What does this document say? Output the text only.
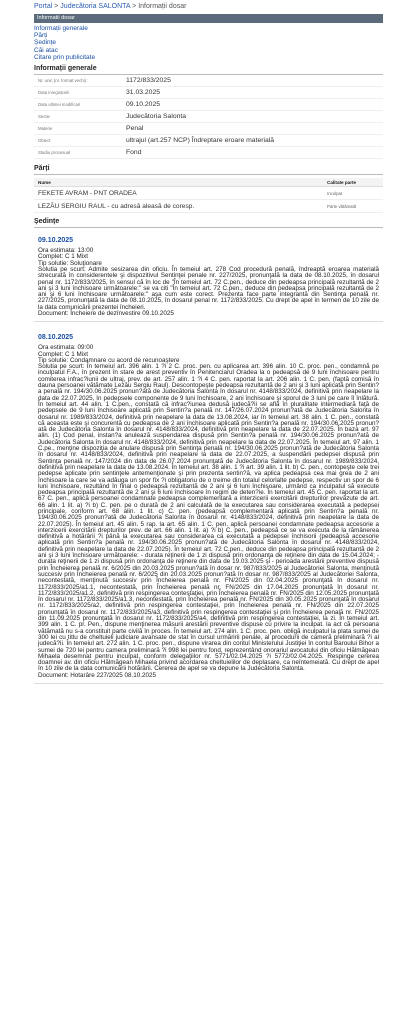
Portal > Judecătoria SALONTA > Informații dosar
Informatii dosar
Informații generale
Părți
Ședințe
Căi atac
Citare prin publicitate
Informații generale
Nr. unic (nr. format vechi) :	1172/833/2025
Data inregistrarii	31.03.2025
Data ultimei modificari	09.10.2025
Sectie	Judecătoria Salonta
Materie	Penal
Obiect	ultrajul (art.257 NCP) Îndreptare eroare materială
Stadiu procesual	Fond
Părți
Nume	Calitate parte
FEKETE AVRAM - PNT ORADEA	Inculpat
LEZĂU SERGIU RAUL - cu adresă aleasă de coresp.	Parte vătămată
Ședințe
09.10.2025
Ora estimata: 13:00
Complet: C 1 Mixt
Tip solutie: Soluţionare
Solutia pe scurt: Admite sesizarea din oficiu. În temeiul art. 278 Cod procedură penală, îndreaptă eroarea materială strecurată în considerentele şi dispozitivul Sentinţei penale nr. 227/2025, pronunţată la data de 08.10.2025, în dosarul penal nr. 1172/833/2025, în sensul că în loc de "În temeiul art. 72 C.pen., deduce din pedeapsa principală rezultantă de 2 ani şi 3 luni închisoare următoarele:" se va citi "În temeiul art. 72 C.pen., deduce din pedeapsa principală rezultantă de 2 ani şi 6 luni închisoare următoarele:" aşa cum este corect. Prezenta face parte integrantă din Sentinţa penală nr. 227/2025, pronunţată la data de 08.10.2025, în dosarul penal nr. 1172/833/2025. Cu drept de apel în termen de 10 zile de la data comunicării prezentei încheieri.
Document: Încheiere de dezînvestire 09.10.2025
08.10.2025
Ora estimata: 09:00
Complet: C 1 Mixt
Tip solutie: Condamnare cu acord de recunoaştere
Solutia pe scurt: În temeiul art. 396 alin. 1 ?i 2 C. proc. pen. cu aplicarea art. 396 alin. 10 C. proc. pen., condamnă pe inculpatul F.A., în prezent în stare de arest preventiv în Penitenciarul Oradea la o pedeapsă de 9 luni închisoare pentru comiterea infrac?iunii de ultraj, prev. de art. 257 alin. 1 ?i 4 C. pen. raportat la art. 206 alin. 1 C. pen. (faptă comisă în dauna persoanei vătămate Lezău Sergiu Raul). Descontopeşte pedeapsa rezultantă de 2 ani şi 3 luni aplicată prin Sentin?a penală nr. 194/30.06.2025 pronun?ată de Judecătoria Salonta în dosarul nr. 4148/833/2024, definitivă prin neapelare la data de 22.07.2025, în pedepsele componente de 9 luni închisoare, 2 ani închisoare şi sporul de 3 luni pe care îl înlătură. În temeiul art. 44 alin. 1 C.pen., constată că infrac?iunea dedusă judecă?ii se află în pluralitate intermediară faţă de pedepsele de 9 luni închisoare aplicată prin Sentin?a penală nr. 147/26.07.2024 pronun?ată de Judecătoria Salonta în dosarul nr. 1989/833/2024, definitivă prin neapelare la data de 13.08.2024, iar în temeiul art. 38 alin. 1 C. pen., constată că aceasta este şi concurentă cu pedeapsa de 2 ani închisoare aplicată prin Sentin?a penală nr. 194/30.06.2025 pronun?ată de Judecătoria Salonta în dosarul nr. 4148/833/2024, definitivă prin neapelare la data de 22.07.2025. În baza art. 97 alin. (1) Cod penal, instan?a anulează suspendarea dispusă prin Sentin?a penală nr. 194/30.06.2025 pronun?ată de Judecătoria Salonta în dosarul nr. 4148/833/2024, definitivă prin neapelare la data de 22.07.2025. În temeiul art. 97 alin. 1 C.pe., menţine dispoziţia de anulare dispusă prin Sentinţa penală nr. 194/30.06.2025 pronun?ată de Judecătoria Salonta în dosarul nr. 4148/833/2024, definitivă prin neapelare la data de 22.07.2025, a suspendării pedepsei dispusă prin Sentinţa penală nr. 147/2024 din data de 26.07.2024 pronunţată de Judecătoria Salonta în dosarul nr. 1989/833/2024, definitivă prin neapelare la data de 13.08.2024. În temeiul art. 38 alin. 1 ?i art. 39 alin. 1 lit. b) C. pen., contopeşte cele trei pedepse aplicate prin sentinţele antemenţionate şi prin prezenta sentin?ă, va aplica pedeapsa cea mai grea de 2 ani închisoare la care se va adăuga un spor fix ?i obligatoriu de o treime din totalul celorlalte pedepse, respectiv un spor de 6 luni închisoare, rezultând în final o pedeapsă rezultantă de 2 ani şi 6 luni închisoare, urmând ca inculpatul să execute pedeapsa principală rezultantă de 2 ani şi 6 luni închisoare în regim de deten?ie. În temeiul art. 45 C. pen. raportat la art. 67 C. pen., aplică persoanei condamnate pedeapsa complementară a interzicerii exercitării drepturilor prevăzute de art. 66 alin. 1 lit. a) ?i b) C. pen. pe o durată de 2 ani calculată de la executarea sau considerarea executată a pedepsei principale, conform art. 68 alin. 1 lit. c) C. pen. (pedeapsă complementară aplicată prin Sentin?a penală nr. 194/30.06.2025 pronun?ată de Judecătoria Salonta în dosarul nr. 4148/833/2024, definitivă prin neapelare la data de 22.07.2025). În temeiul art. 45 alin. 5 rap. la art. 65 alin. 1 C. pen. aplică persoanei condamnate pedeapsa accesorie a interzicerii exercitării drepturilor prev. de art. 66 alin. 1 lit. a) ?i b) C. pen., pedeapsă ce se va executa de la rămânerea definitivă a hotărârii ?i până la executarea sau considerarea ca executată a pedepsei închisorii (pedeapsă accesorie aplicată prin Sentin?a penală nr. 194/30.06.2025 pronun?ată de Judecătoria Salonta în dosarul nr. 4148/833/2024, definitivă prin neapelare la data de 22.07.2025). În temeiul art. 72 C.pen., deduce din pedeapsa principală rezultantă de 2 ani şi 3 luni închisoare următoarele: - durata reţinerii de 1 zi dispusă prin ordonanţa de reţinere din data de 15.04.2024; - durata reţinerii de 1 zi dispusă prin ordonanţa de reţinere din data de 19.03.2025 şi - perioada arestării preventive dispusă prin Încheierea penală nr. 6/2025 din 20.03.2025 pronun?ată în dosar nr. 987/833/2025 al Judecătoriei Salonta, menţinută succesiv prin Încheierea penală nr. 6/2025 din 20.03.2025 pronun?ată în dosar nr. 987/833/2025 al Judecătoriei Salonta, necontestată, menţinută succesiv prin Încheierea penală nr. FN/2025 din 02.04.2025 pronunţată în dosarul nr. 1172/833/2025/a1.1, necontestată, prin Încheierea penală nr. FN/2025 din 17.04.2025 pronunţată în dosarul nr. 1172/833/2025/a1.2, definitivă prin respingerea contestaţiei, prin Încheierea penală nr. FN/2025 din 12.05.2025 pronunţată în dosarul nr. 1172/833/2025/a1.3, necontestată, prin Încheierea penală nr. FN/2025 din 30.05.2025 pronunţată în dosarul nr. 1172/833/2025/a2, definitivă prin respingerea contestaţiei, prin Încheierea penală nr. FN/2025 din 22.07.2025 pronunţată în dosarul nr. 1172/833/2025/a3, definitivă prin respingerea contestaţiei şi prin Încheierea penală nr. FN/2025 din 11.09.2025 pronunţată în dosarul nr. 1172/833/2025/a4, definitivă prin respingerea contestaţiei, la zi. În temeiul art. 399 alin. 1 C. pr. Pen., dispune menţinerea măsurii arestării preventive dispuse cu privire la inculpat. la act că persoana vătămată nu s-a constituit parte civilă în proces. În temeiul art. 274 alin. 1 C. proc. pen. obligă inculpatul la plata sumei de 300 lei cu titlu de cheltuieli judiciare avansate de stat în cursul urmăririi penale, al procedurii de cameră preliminară ?i al judecă?ii. În temeiul art. 272 alin. 1 C. proc. pen., dispune virarea din contul Ministerului Justiţiei în contul Baroului Bihor a sumei de 720 lei pentru camera preliminară ?i 998 lei pentru fond, reprezentând onorariul avocatului din oficiu Hălmăgean Mihaela desemnat pentru inculpat, conform delegaţiilor nr. 5771/02.04.2025 ?i 5772/02.04.2025. Respinge cererea doamnei av. din oficiu Hălmăgean Mihaela privind acordarea cheltuielilor de deplasare, ca neîntemeiată. Cu drept de apel în 10 zile de la data comunicării hotărârii. Cererea de apel se va depune la Judecătoria Salonta.
Document: Hotarâre 227/2025 08.10.2025
